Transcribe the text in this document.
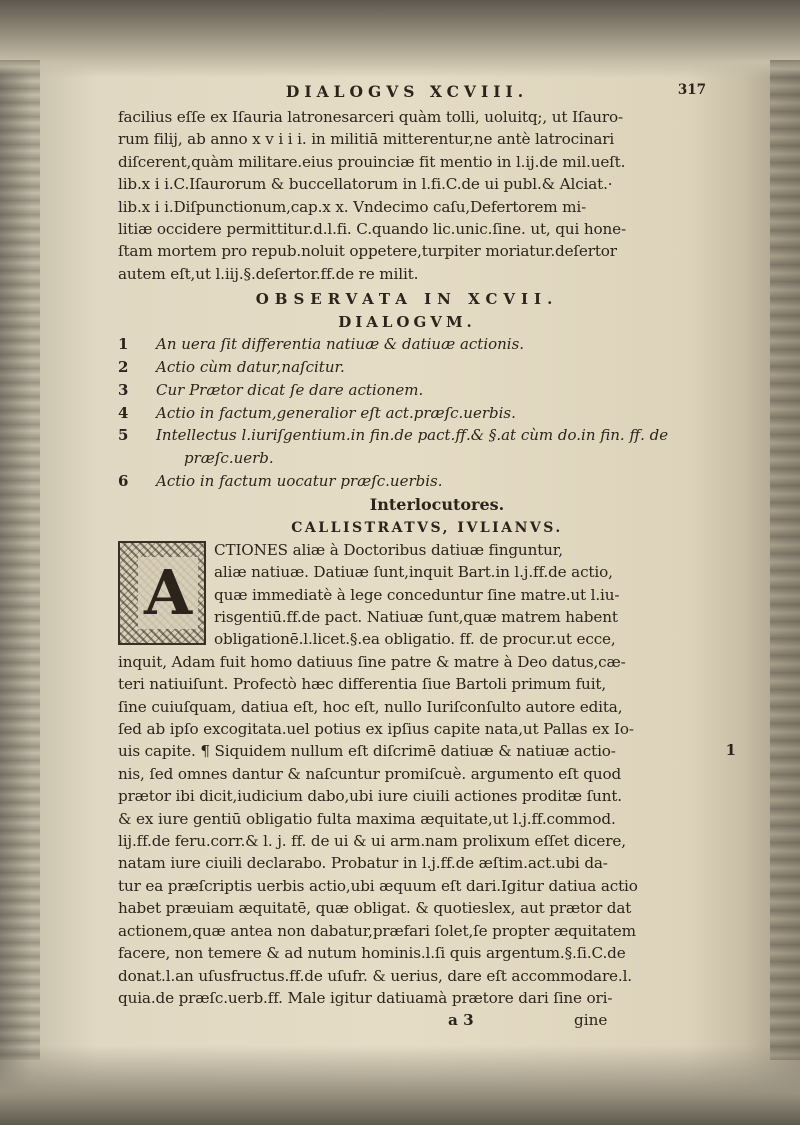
DIALOGVS XCVIII.	317
facilius eſſe ex Iſauria latronesarceri quàm tolli, uoluitq;, ut Iſauro-
rum filij, ab anno x v i i i. in militiā mitterentur,ne antè latrocinari
diſcerent,quàm militare.eius prouinciæ fit mentio in l.ij.de mil.ueſt.
lib.x i i.C.Iſaurorum & buccellatorum in l.fi.C.de ui publ.& Alciat.·
lib.x i i.Diſpunctionum,cap.x x. Vndecimo caſu,Defertorem mi-
litiæ occidere permittitur.d.l.fi. C.quando lic.unic.ſine. ut, qui hone-
ſtam mortem pro repub.noluit oppetere,turpiter moriatur.deſertor
autem eſt,ut l.iij.§.deſertor.ff.de re milit.
OBSERVATA IN XCVII.
DIALOGVM.
1 An uera ſit differentia natiuæ & datiuæ actionis.
2 Actio cùm datur,naſcitur.
3 Cur Prætor dicat ſe dare actionem.
4 Actio in factum,generalior eſt act.præſc.uerbis.
5 Intellectus l.iuriſgentium.in fin.de pact.ff.& §.at cùm do.in fin. ff. de
præſc.uerb.
6 Actio in factum uocatur præſc.uerbis.
Interlocutores.
CALLISTRATVS, IVLIANVS.
A
CTIONES aliæ à Doctoribus datiuæ finguntur,
aliæ natiuæ. Datiuæ ſunt,inquit Bart.in l.j.ff.de actio,
quæ immediatè à lege conceduntur ſine matre.ut l.iu-
risgentiū.ff.de pact. Natiuæ ſunt,quæ matrem habent
obligationē.l.licet.§.ea obligatio. ff. de procur.ut ecce,
inquit, Adam fuit homo datiuus ſine patre & matre à Deo datus,cæ-
teri natiuiſunt. Profectò hæc differentia ſiue Bartoli primum fuit,
ſine cuiuſquam, datiua eſt, hoc eſt, nullo Iuriſconſulto autore edita,
ſed ab ipſo excogitata.uel potius ex ipſius capite nata,ut Pallas ex Io-
uis capite. ¶ Siquidem nullum eſt diſcrimē datiuæ & natiuæ actio-	1
nis, ſed omnes dantur & naſcuntur promiſcuè. argumento eſt quod
prætor ibi dicit,iudicium dabo,ubi iure ciuili actiones proditæ ſunt.
& ex iure gentiū obligatio fulta maxima æquitate,ut l.j.ff.commod.
lij.ff.de feru.corr.& l. j. ff. de ui & ui arm.nam prolixum eſſet dicere,
natam iure ciuili declarabo. Probatur in l.j.ff.de æſtim.act.ubi da-
tur ea præſcriptis uerbis actio,ubi æquum eſt dari.Igitur datiua actio
habet præuiam æquitatē, quæ obligat. & quotieslex, aut prætor dat
actionem,quæ antea non dabatur,præfari ſolet,ſe propter æquitatem
facere, non temere & ad nutum hominis.l.ſi quis argentum.§.ſi.C.de
donat.l.an uſusfructus.ff.de uſufr. & uerius, dare eſt accommodare.l.
quia.de præſc.uerb.ff. Male igitur datiuamà prætore dari ſine ori-
a 3	gine
